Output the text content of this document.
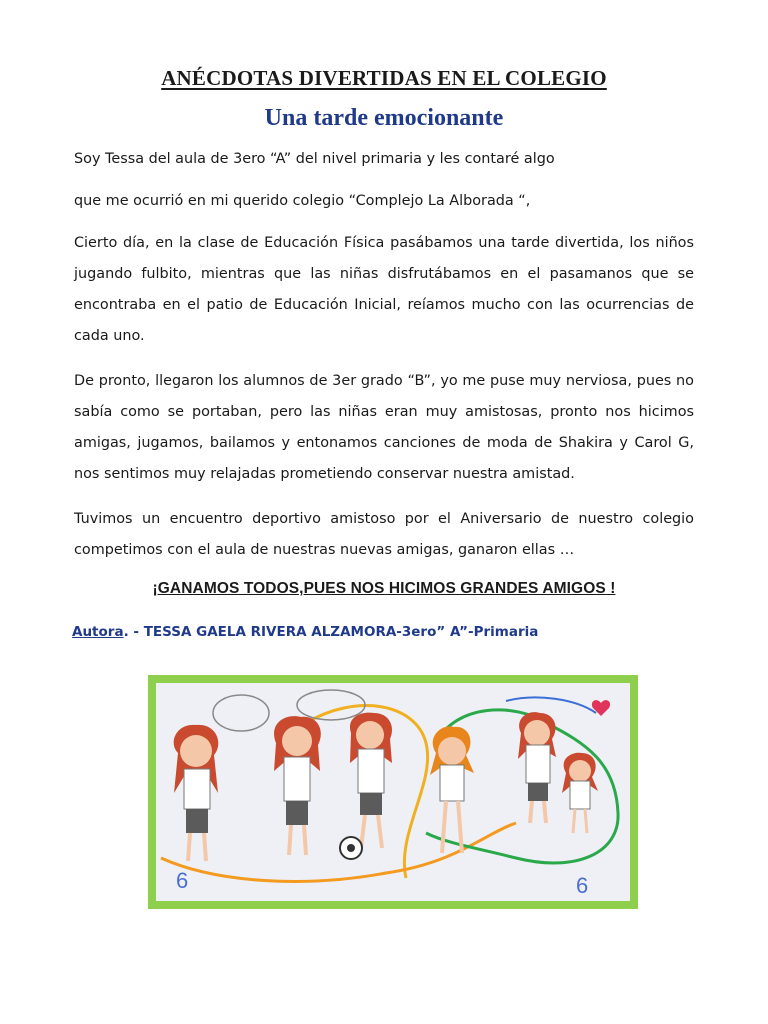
ANÉCDOTAS DIVERTIDAS EN EL COLEGIO
Una tarde emocionante

Soy Tessa del aula de 3ero “A” del nivel primaria y les contaré algo

que me ocurrió en mi querido colegio “Complejo La Alborada “,

Cierto día, en la clase de Educación Física pasábamos una tarde divertida, los niños jugando fulbito, mientras que las niñas disfrutábamos en el pasamanos que se encontraba en el patio de Educación Inicial, reíamos mucho con las ocurrencias de cada uno.

De pronto, llegaron los alumnos de 3er grado “B”, yo me puse muy nerviosa, pues no sabía como se portaban, pero las niñas eran muy amistosas, pronto nos hicimos amigas, jugamos, bailamos y entonamos canciones de moda de Shakira y Carol G, nos sentimos muy relajadas prometiendo conservar nuestra amistad.

Tuvimos un encuentro deportivo amistoso por el Aniversario de nuestro colegio competimos con el aula de nuestras nuevas amigas, ganaron ellas …

¡GANAMOS TODOS,PUES NOS HICIMOS GRANDES AMIGOS !

Autora. - TESSA GAELA RIVERA ALZAMORA-3ero” A”-Primaria

6	6
